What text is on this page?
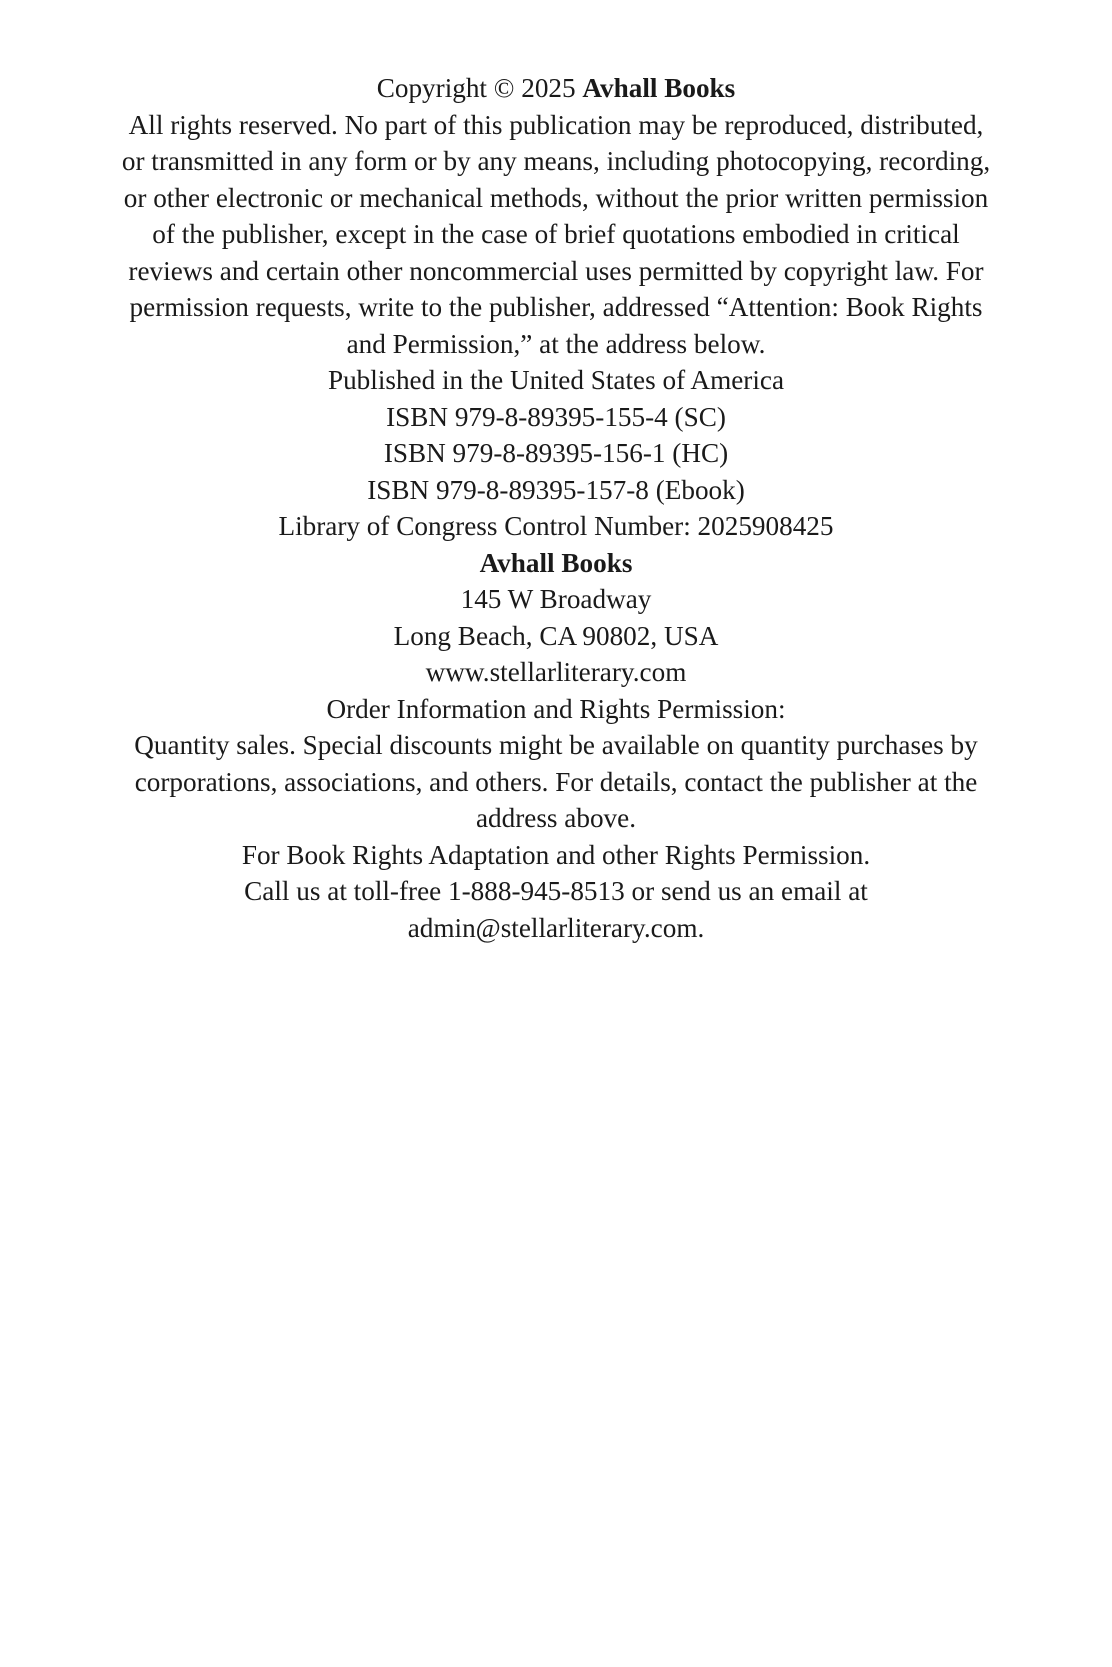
Copyright © 2025 Avhall Books

All rights reserved. No part of this publication may be reproduced, distributed,
or transmitted in any form or by any means, including photocopying, recording,
or other electronic or mechanical methods, without the prior written permission
of the publisher, except in the case of brief quotations embodied in critical
reviews and certain other noncommercial uses permitted by copyright law. For
permission requests, write to the publisher, addressed “Attention: Book Rights
and Permission,” at the address below.

Published in the United States of America

ISBN 979-8-89395-155-4 (SC)
ISBN 979-8-89395-156-1 (HC)
ISBN 979-8-89395-157-8 (Ebook)

Library of Congress Control Number: 2025908425

Avhall Books
145 W Broadway
Long Beach, CA 90802, USA
www.stellarliterary.com

Order Information and Rights Permission:

Quantity sales. Special discounts might be available on quantity purchases by
corporations, associations, and others. For details, contact the publisher at the
address above.

For Book Rights Adaptation and other Rights Permission.
Call us at toll-free 1-888-945-8513 or send us an email at
admin@stellarliterary.com.
